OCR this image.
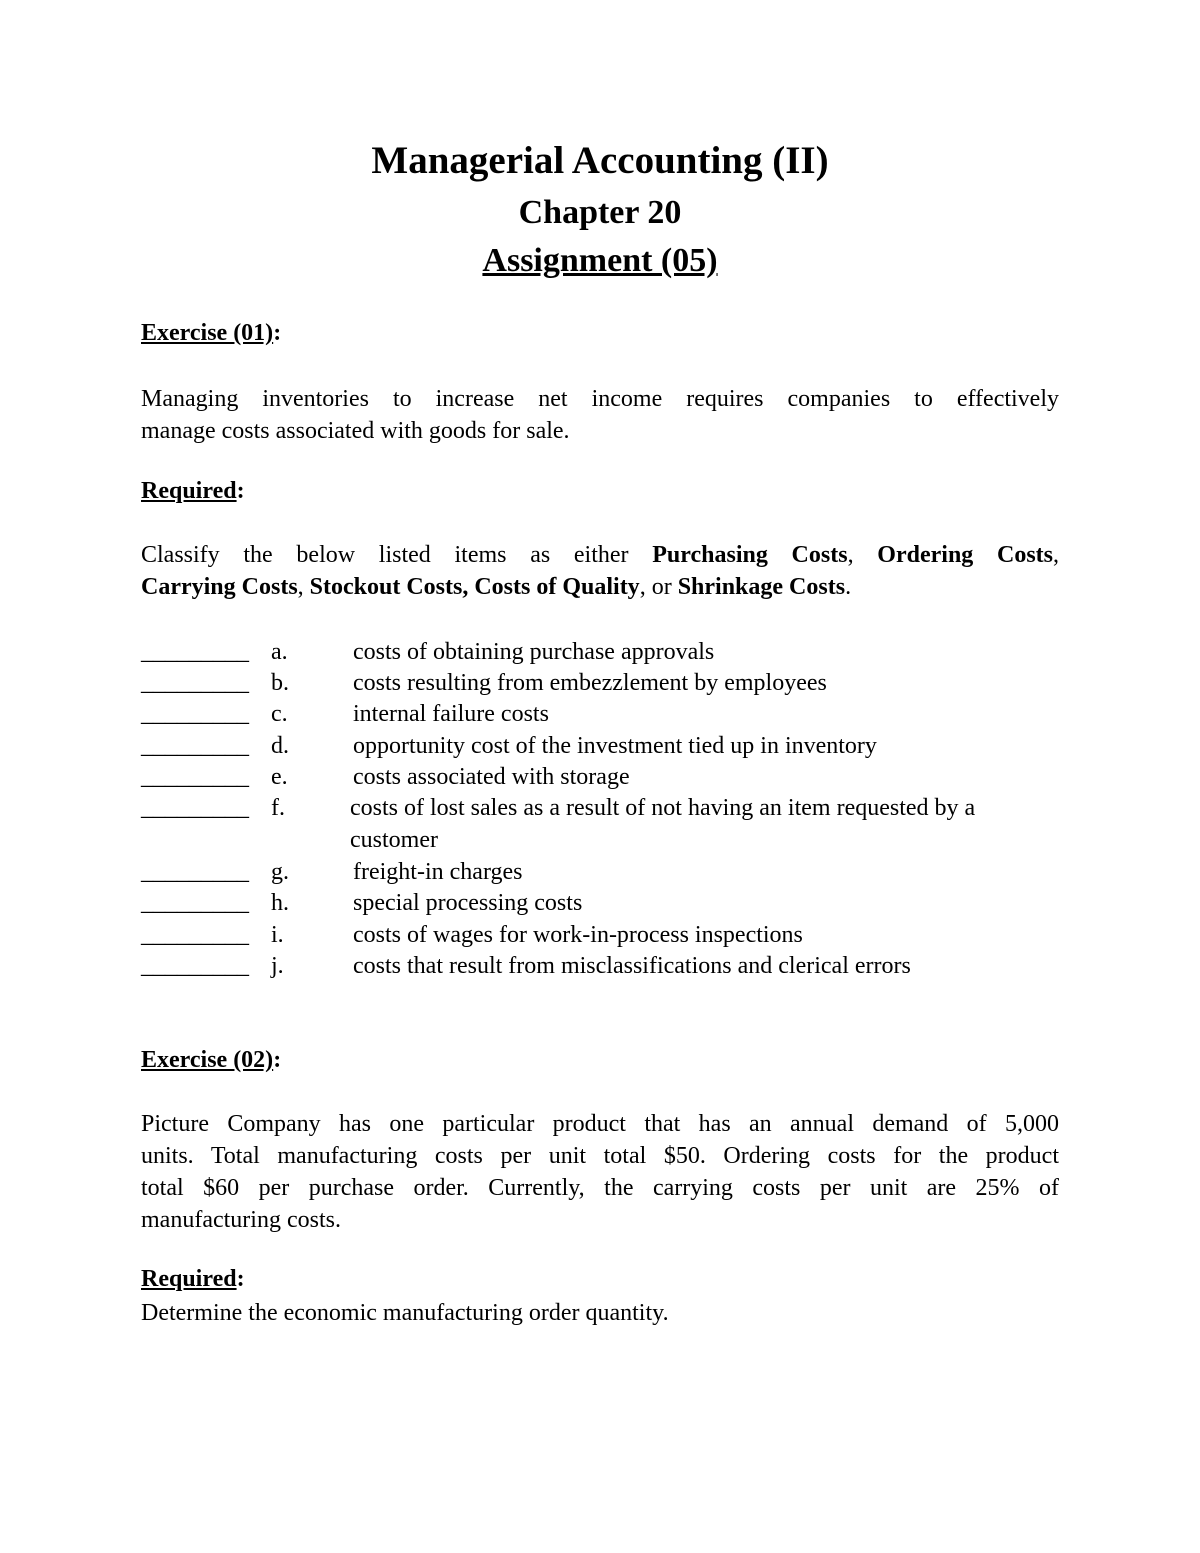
Managerial Accounting (II)
Chapter 20
Assignment (05)
Exercise (01):
Managing inventories to increase net income requires companies to effectively
manage costs associated with goods for sale.
Required:
Classify the below listed items as either Purchasing Costs, Ordering Costs,
Carrying Costs, Stockout Costs, Costs of Quality, or Shrinkage Costs.
_________ a.	costs of obtaining purchase approvals
_________ b.	costs resulting from embezzlement by employees
_________ c.	internal failure costs
_________ d.	opportunity cost of the investment tied up in inventory
_________ e.	costs associated with storage
_________ f.	costs of lost sales as a result of not having an item requested by a
customer
_________ g.	freight-in charges
_________ h.	special processing costs
_________ i.	costs of wages for work-in-process inspections
_________ j.	costs that result from misclassifications and clerical errors
Exercise (02):
Picture Company has one particular product that has an annual demand of 5,000
units. Total manufacturing costs per unit total $50. Ordering costs for the product
total $60 per purchase order. Currently, the carrying costs per unit are 25% of
manufacturing costs.
Required:
Determine the economic manufacturing order quantity.
